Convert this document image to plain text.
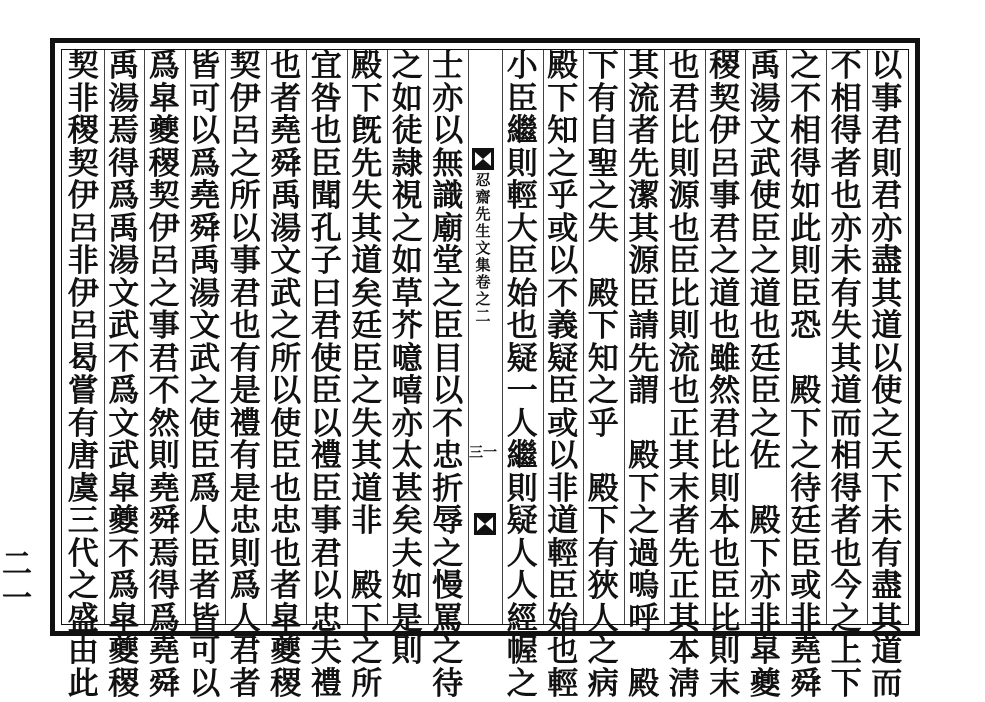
以
事
君
則
君
亦
盡
其
道
以
使
之
天
下
未
有
盡
其
道
而
不
相
得
者
也
亦
未
有
失
其
道
而
相
得
者
也
今
之
上
下
之
不
相
得
如
此
則
臣
恐

殿
下
之
待
廷
臣
或
非
堯
舜
禹
湯
文
武
使
臣
之
道
也
廷
臣
之
佐

殿
下
亦
非
皐
夔
稷
契
伊
呂
事
君
之
道
也
雖
然
君
比
則
本
也
臣
比
則
末
也
君
比
則
源
也
臣
比
則
流
也
正
其
末
者
先
正
其
本
淸
其
流
者
先
潔
其
源
臣
請
先
謂

殿
下
之
過
嗚
呼

殿
下
有
自
聖
之
失

殿
下
知
之
乎

殿
下
有
狹
人
之
病
殿
下
知
之
乎
或
以
不
義
疑
臣
或
以
非
道
輕
臣
始
也
輕
小
臣
繼
則
輕
大
臣
始
也
疑
一
人
繼
則
疑
人
人
經
幄
之
忍
齋
先
生
文
集
卷
之
二
三一
士
亦
以
無
識
廟
堂
之
臣
目
以
不
忠
折
辱
之
慢
罵
之
待
之
如
徒
隷
視
之
如
草
芥
噫
嘻
亦
太
甚
矣
夫
如
是
則
殿
下
旣
先
失
其
道
矣
廷
臣
之
失
其
道
非

殿
下
之
所
宜
咎
也
臣
聞
孔
子
曰
君
使
臣
以
禮
臣
事
君
以
忠
夫
禮
也
者
堯
舜
禹
湯
文
武
之
所
以
使
臣
也
忠
也
者
皐
夔
稷
契
伊
呂
之
所
以
事
君
也
有
是
禮
有
是
忠
則
爲
人
君
者
皆
可
以
爲
堯
舜
禹
湯
文
武
之
使
臣
爲
人
臣
者
皆
可
以
爲
皐
夔
稷
契
伊
呂
之
事
君
不
然
則
堯
舜
焉
得
爲
堯
舜
禹
湯
焉
得
爲
禹
湯
文
武
不
爲
文
武
皐
夔
不
爲
皐
夔
稷
契
非
稷
契
伊
呂
非
伊
呂
曷
嘗
有
唐
虞
三
代
之
盛
由
此
二
一
